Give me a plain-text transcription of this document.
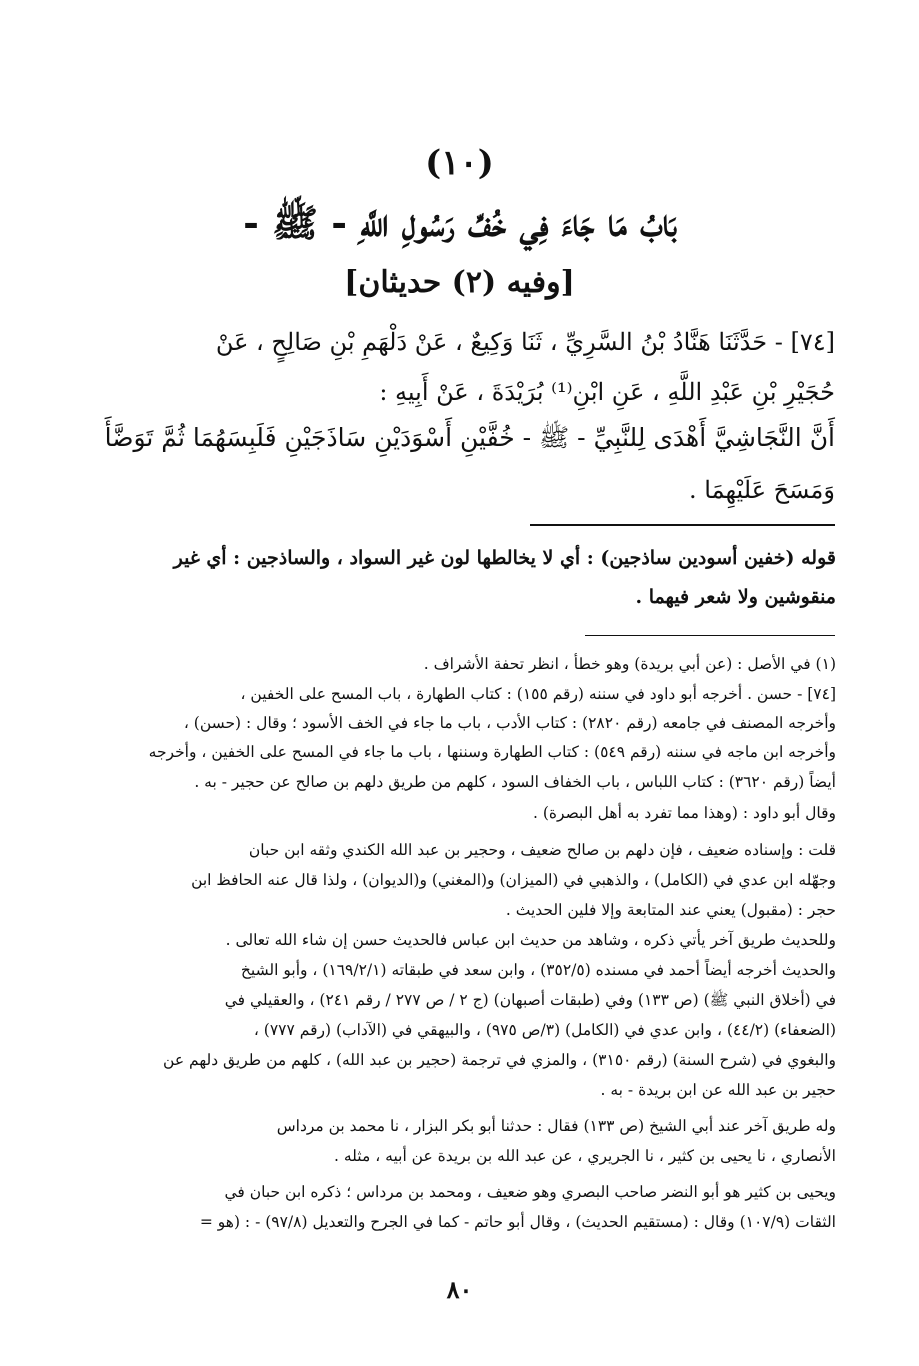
(١٠)
بَابُ مَا جَاءَ فِي خُفِّ رَسُولِ اللَّهِ - ﷺ -
[وفيه (٢) حديثان]
[٧٤] - حَدَّثَنَا هَنَّادُ بْنُ السَّرِيِّ ، ثَنَا وَكِيعٌ ، عَنْ دَلْهَمِ بْنِ صَالِحٍ ، عَنْ
حُجَيْرِ بْنِ عَبْدِ اللَّهِ ، عَنِ ابْنِ⁽¹⁾ بُرَيْدَةَ ، عَنْ أَبِيهِ :
أَنَّ النَّجَاشِيَّ أَهْدَى لِلنَّبِيِّ - ﷺ - خُفَّيْنِ أَسْوَدَيْنِ سَاذَجَيْنِ فَلَبِسَهُمَا ثُمَّ تَوَضَّأَ
وَمَسَحَ عَلَيْهِمَا .
قوله (خفين أسودين ساذجين) : أي لا يخالطها لون غير السواد ، والساذجين : أي غير
منقوشين ولا شعر فيهما .
(١) في الأصل : (عن أبي بريدة) وهو خطأ ، انظر تحفة الأشراف .
[٧٤] - حسن . أخرجه أبو داود في سننه (رقم ١٥٥) : كتاب الطهارة ، باب المسح على الخفين ،
وأخرجه المصنف في جامعه (رقم ٢٨٢٠) : كتاب الأدب ، باب ما جاء في الخف الأسود ؛ وقال : (حسن) ،
وأخرجه ابن ماجه في سننه (رقم ٥٤٩) : كتاب الطهارة وسننها ، باب ما جاء في المسح على الخفين ، وأخرجه
أيضاً (رقم ٣٦٢٠) : كتاب اللباس ، باب الخفاف السود ، كلهم من طريق دلهم بن صالح عن حجير - به .
وقال أبو داود : (وهذا مما تفرد به أهل البصرة) .
قلت : وإسناده ضعيف ، فإن دلهم بن صالح ضعيف ، وحجير بن عبد الله الكندي وثقه ابن حبان
وجهّله ابن عدي في (الكامل) ، والذهبي في (الميزان) و(المغني) و(الديوان) ، ولذا قال عنه الحافظ ابن
حجر : (مقبول) يعني عند المتابعة وإلا فلين الحديث .
وللحديث طريق آخر يأتي ذكره ، وشاهد من حديث ابن عباس فالحديث حسن إن شاء الله تعالى .
والحديث أخرجه أيضاً أحمد في مسنده (٣٥٢/٥) ، وابن سعد في طبقاته (١٦٩/٢/١) ، وأبو الشيخ
في (أخلاق النبي ﷺ) (ص ١٣٣) وفي (طبقات أصبهان) (ج ٢ / ص ٢٧٧ / رقم ٢٤١) ، والعقيلي في
(الضعفاء) (٤٤/٢) ، وابن عدي في (الكامل) (٣/ص ٩٧٥) ، والبيهقي في (الآداب) (رقم ٧٧٧) ،
والبغوي في (شرح السنة) (رقم ٣١٥٠) ، والمزي في ترجمة (حجير بن عبد الله) ، كلهم من طريق دلهم عن
حجير بن عبد الله عن ابن بريدة - به .
وله طريق آخر عند أبي الشيخ (ص ١٣٣) فقال : حدثنا أبو بكر البزار ، نا محمد بن مرداس
الأنصاري ، نا يحيى بن كثير ، نا الجريري ، عن عبد الله بن بريدة عن أبيه ، مثله .
ويحيى بن كثير هو أبو النضر صاحب البصري وهو ضعيف ، ومحمد بن مرداس ؛ ذكره ابن حبان في
الثقات (١٠٧/٩) وقال : (مستقيم الحديث) ، وقال أبو حاتم - كما في الجرح والتعديل (٩٧/٨) - : (هو =
٨٠
